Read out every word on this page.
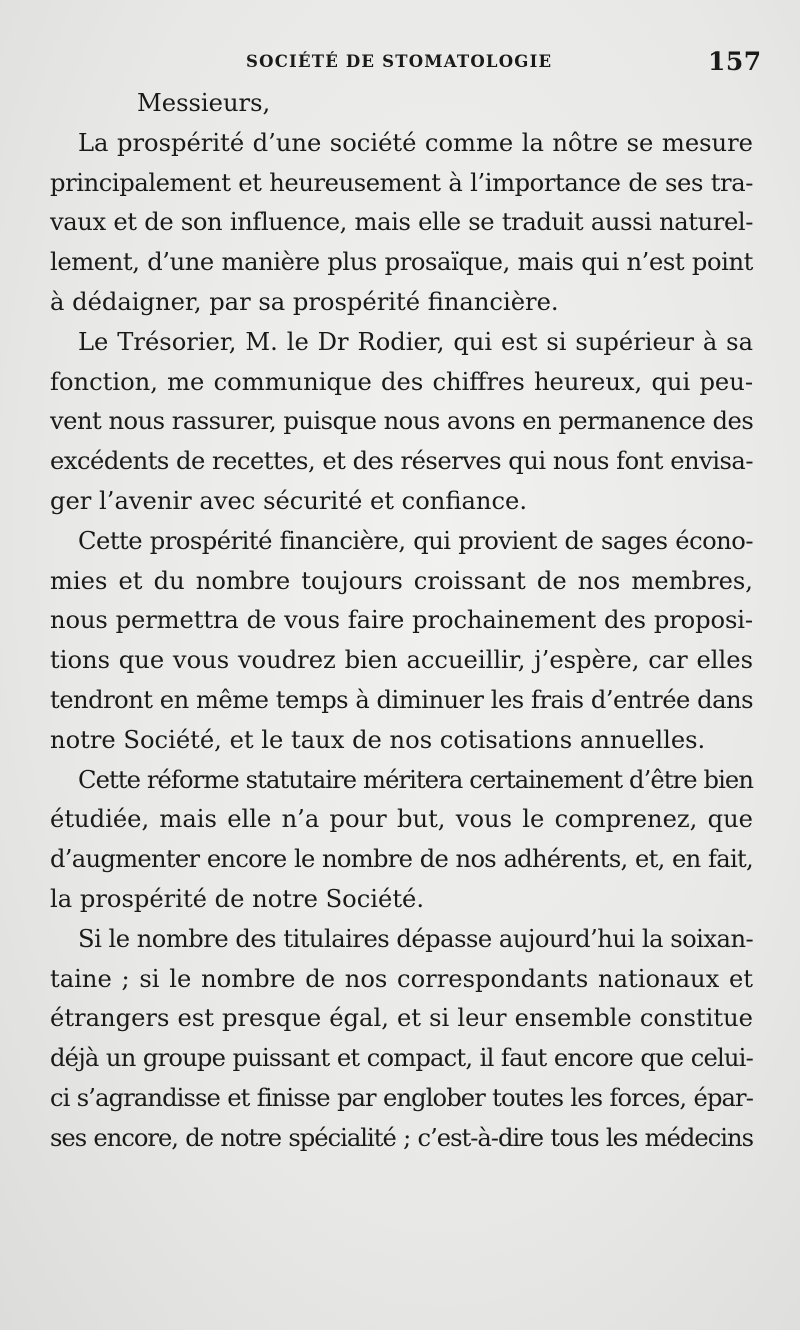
SOCIÉTÉ DE STOMATOLOGIE	157
Messieurs,
La prospérité d’une société comme la nôtre se mesure
principalement et heureusement à l’importance de ses tra-
vaux et de son influence, mais elle se traduit aussi naturel-
lement, d’une manière plus prosaïque, mais qui n’est point
à dédaigner, par sa prospérité financière.
Le Trésorier, M. le Dr Rodier, qui est si supérieur à sa
fonction, me communique des chiffres heureux, qui peu-
vent nous rassurer, puisque nous avons en permanence des
excédents de recettes, et des réserves qui nous font envisa-
ger l’avenir avec sécurité et confiance.
Cette prospérité financière, qui provient de sages écono-
mies et du nombre toujours croissant de nos membres,
nous permettra de vous faire prochainement des proposi-
tions que vous voudrez bien accueillir, j’espère, car elles
tendront en même temps à diminuer les frais d’entrée dans
notre Société, et le taux de nos cotisations annuelles.
Cette réforme statutaire méritera certainement d’être bien
étudiée, mais elle n’a pour but, vous le comprenez, que
d’augmenter encore le nombre de nos adhérents, et, en fait,
la prospérité de notre Société.
Si le nombre des titulaires dépasse aujourd’hui la soixan-
taine ; si le nombre de nos correspondants nationaux et
étrangers est presque égal, et si leur ensemble constitue
déjà un groupe puissant et compact, il faut encore que celui-
ci s’agrandisse et finisse par englober toutes les forces, épar-
ses encore, de notre spécialité ; c’est-à-dire tous les médecins
